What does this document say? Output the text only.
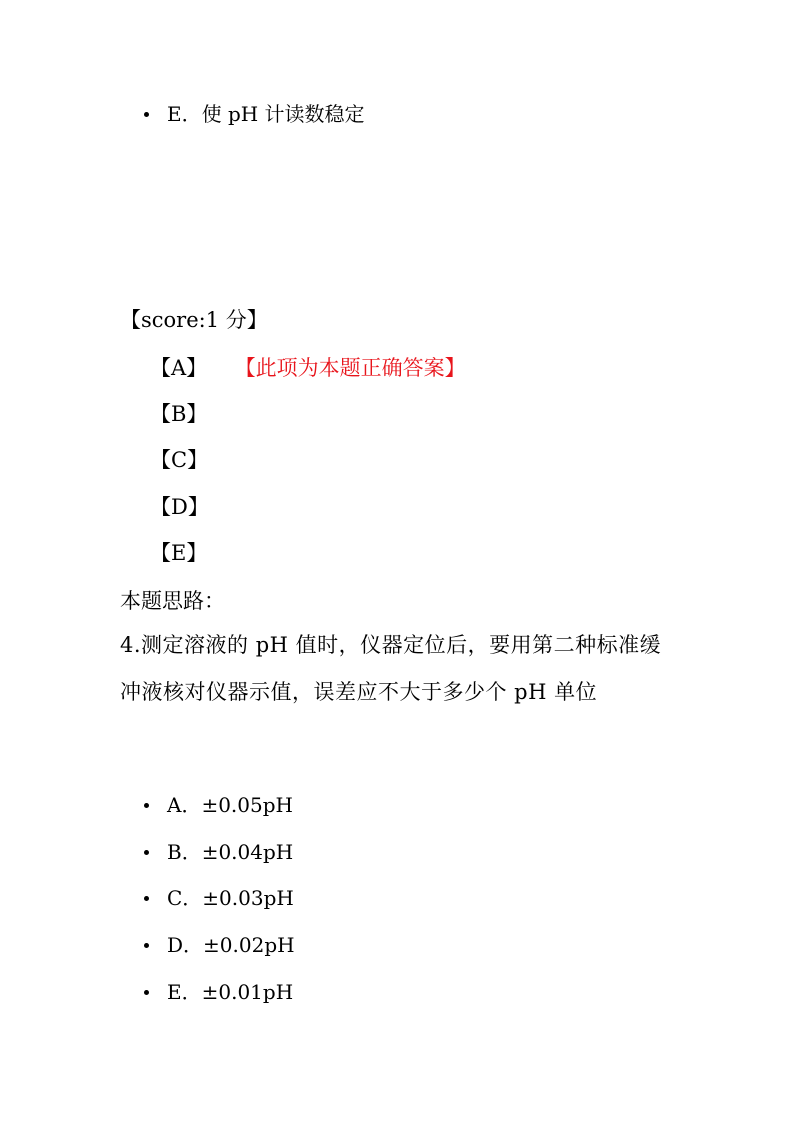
E．使 pH 计读数稳定
【score:1 分】
【A】 【此项为本题正确答案】
【B】
【C】
【D】
【E】
本题思路：
4.测定溶液的 pH 值时，仪器定位后，要用第二种标准缓冲液核对仪器示值，误差应不大于多少个 pH 单位
A．±0.05pH
B．±0.04pH
C．±0.03pH
D．±0.02pH
E．±0.01pH
